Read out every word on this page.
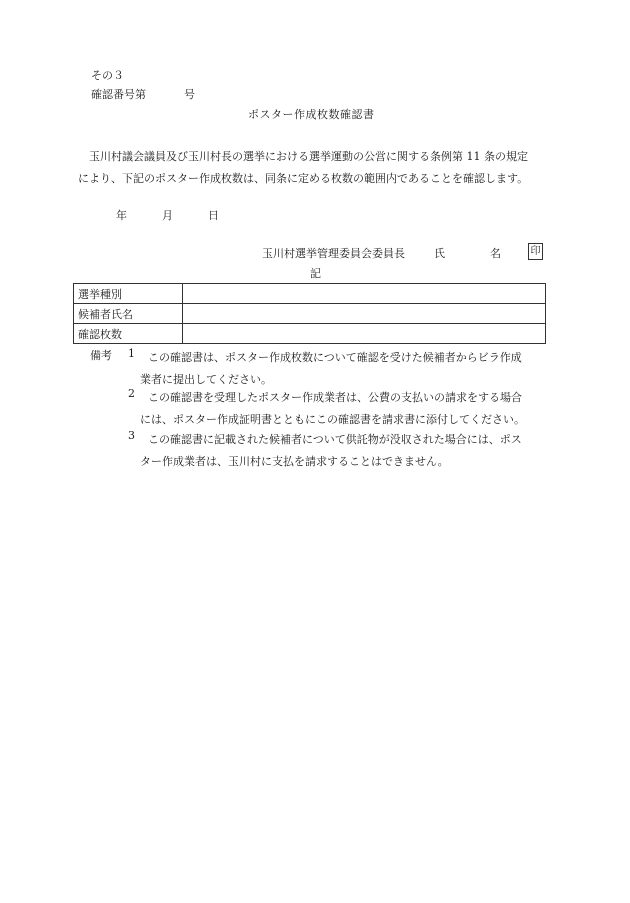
その３
確認番号第	号
ポスター作成枚数確認書
玉川村議会議員及び玉川村長の選挙における選挙運動の公営に関する条例第 11 条の規定
により、下記のポスター作成枚数は、同条に定める枚数の範囲内であることを確認します。
年	月	日
玉川村選挙管理委員会委員長	氏	名	印
記
選挙種別	
候補者氏名	
確認枚数	
備考 1 この確認書は、ポスター作成枚数について確認を受けた候補者からビラ作成
業者に提出してください。
2 この確認書を受理したポスター作成業者は、公費の支払いの請求をする場合
には、ポスター作成証明書とともにこの確認書を請求書に添付してください。
3 この確認書に記載された候補者について供託物が没収された場合には、ポス
ター作成業者は、玉川村に支払を請求することはできません。
